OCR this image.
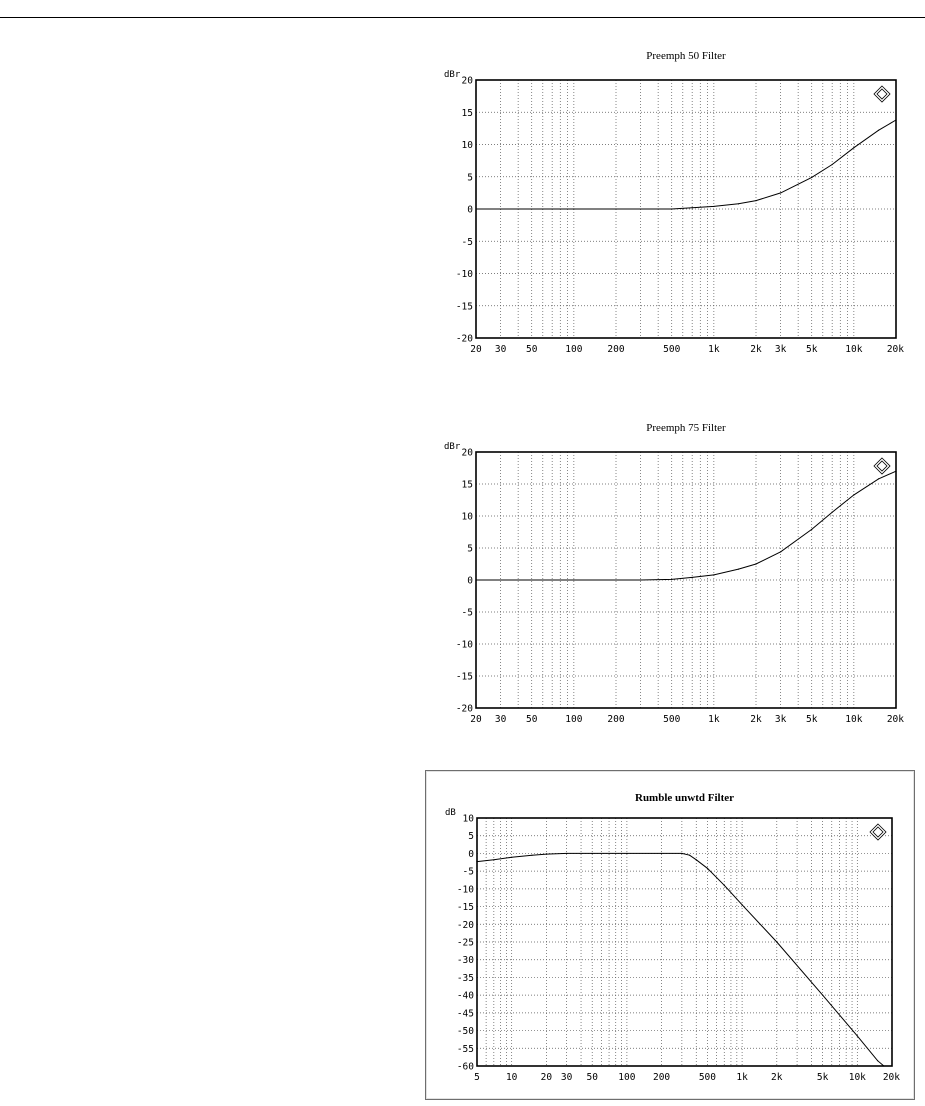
Preemph 50 Filter
dBr
20
15
10
5
0
-5
-10
-15
-20
20 30 50	100	200	500	1k	2k 3k 5k	10k	20k
Preemph 75 Filter
dBr
20
15
10
5
0
-5
-10
-15
-20
20 30 50	100	200	500	1k	2k 3k 5k	10k	20k
Rumble unwtd Filter
dB
10
5
0
-5
-10
-15
-20
-25
-30
-35
-40
-45
-50
-55
-60
5	10 20 30 50 100 200	500 1k 2k	5k 10k 20k
